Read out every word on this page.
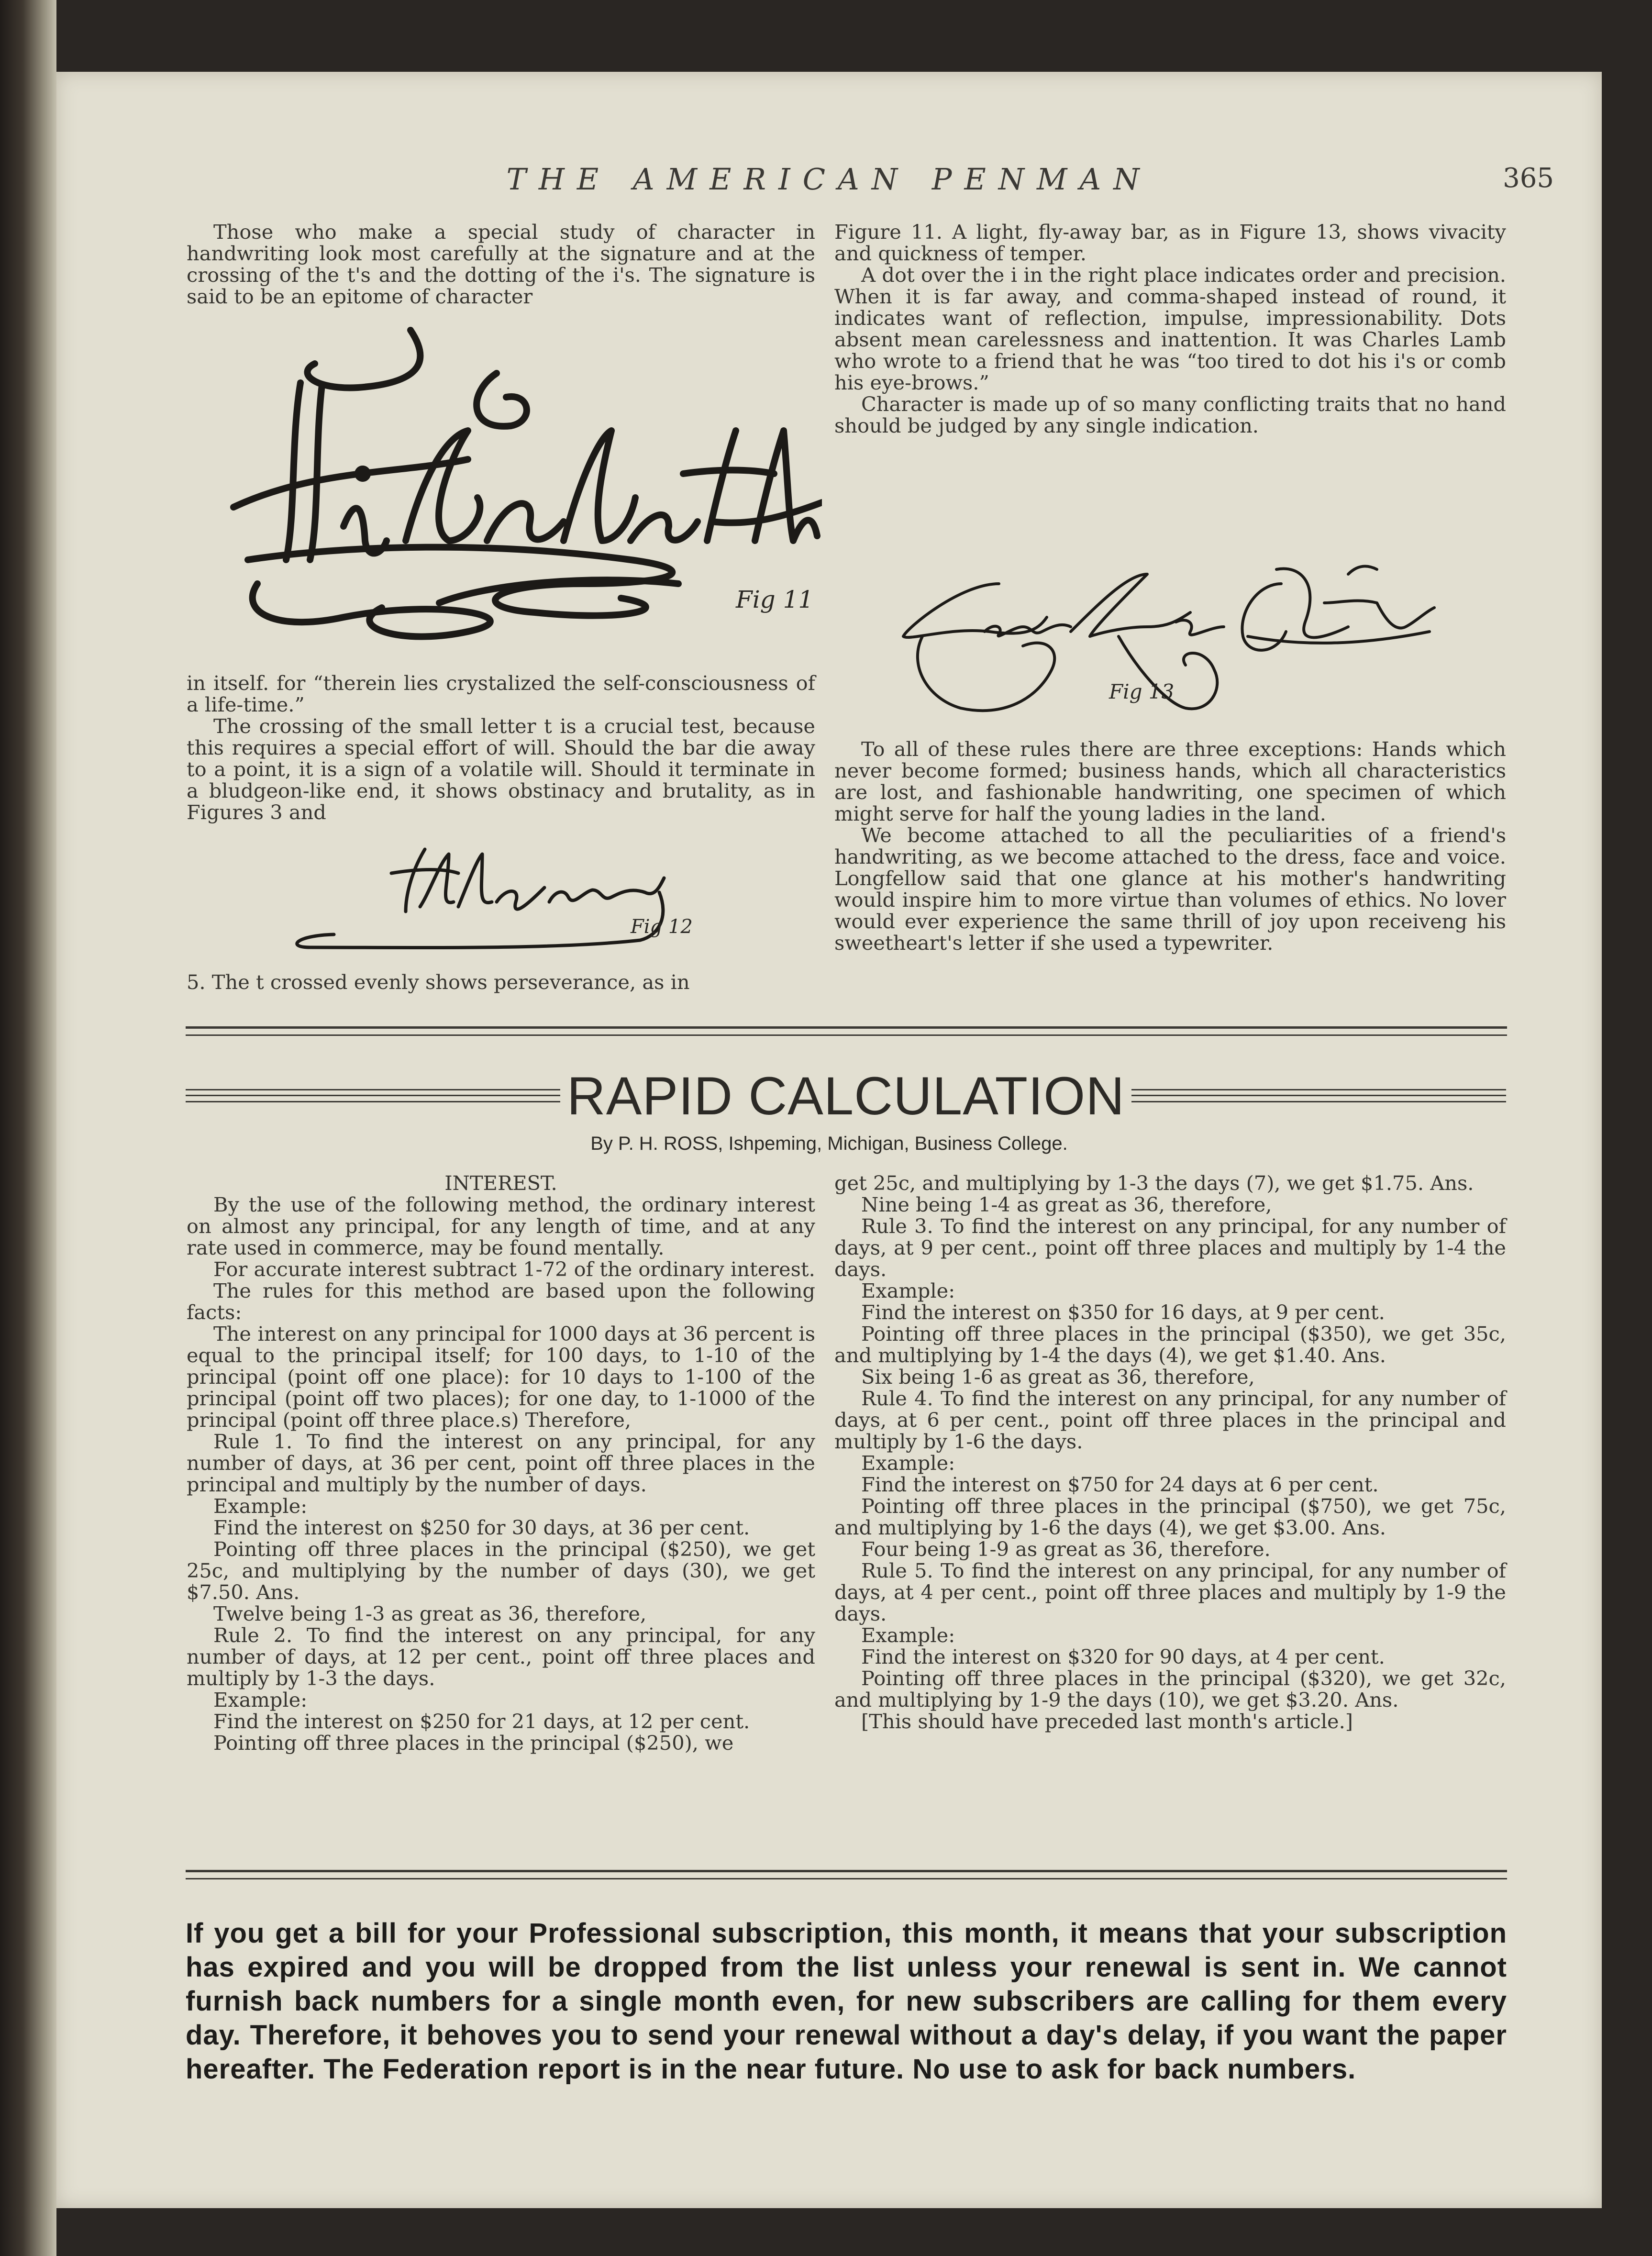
THE AMERICAN PENMAN	365

Those who make a special study of character in handwriting look most carefully at the signature and at the crossing of the t's and the dotting of the i's. The signature is said to be an epitome of character

Fig 11

in itself. for “therein lies crystalized the self-consciousness of a life-time.”

The crossing of the small letter t is a crucial test, because this requires a special effort of will. Should the bar die away to a point, it is a sign of a volatile will. Should it terminate in a bludgeon-like end, it shows obstinacy and brutality, as in Figures 3 and

Fig 12

5. The t crossed evenly shows perseverance, as in

Figure 11. A light, fly-away bar, as in Figure 13, shows vivacity and quickness of temper.

A dot over the i in the right place indicates order and precision. When it is far away, and comma-shaped instead of round, it indicates want of reflection, impulse, impressionability. Dots absent mean carelessness and inattention. It was Charles Lamb who wrote to a friend that he was “too tired to dot his i's or comb his eye-brows.”

Character is made up of so many conflicting traits that no hand should be judged by any single indication.

Fig 13

To all of these rules there are three exceptions: Hands which never become formed; business hands, which all characteristics are lost, and fashionable handwriting, one specimen of which might serve for half the young ladies in the land.

We become attached to all the peculiarities of a friend's handwriting, as we become attached to the dress, face and voice. Longfellow said that one glance at his mother's handwriting would inspire him to more virtue than volumes of ethics. No lover would ever experience the same thrill of joy upon receiveng his sweetheart's letter if she used a typewriter.

RAPID CALCULATION
By P. H. ROSS, Ishpeming, Michigan, Business College.

INTEREST.

By the use of the following method, the ordinary interest on almost any principal, for any length of time, and at any rate used in commerce, may be found mentally.

For accurate interest subtract 1-72 of the ordinary interest.

The rules for this method are based upon the following facts:

The interest on any principal for 1000 days at 36 percent is equal to the principal itself; for 100 days, to 1-10 of the principal (point off one place): for 10 days to 1-100 of the principal (point off two places); for one day, to 1-1000 of the principal (point off three place.s) Therefore,

Rule 1. To find the interest on any principal, for any number of days, at 36 per cent, point off three places in the principal and multiply by the number of days.

Example:

Find the interest on $250 for 30 days, at 36 per cent.

Pointing off three places in the principal ($250), we get 25c, and multiplying by the number of days (30), we get $7.50. Ans.

Twelve being 1-3 as great as 36, therefore,

Rule 2. To find the interest on any principal, for any number of days, at 12 per cent., point off three places and multiply by 1-3 the days.

Example:

Find the interest on $250 for 21 days, at 12 per cent.

Pointing off three places in the principal ($250), we

get 25c, and multiplying by 1-3 the days (7), we get $1.75. Ans.

Nine being 1-4 as great as 36, therefore,

Rule 3. To find the interest on any principal, for any number of days, at 9 per cent., point off three places and multiply by 1-4 the days.

Example:

Find the interest on $350 for 16 days, at 9 per cent.

Pointing off three places in the principal ($350), we get 35c, and multiplying by 1-4 the days (4), we get $1.40. Ans.

Six being 1-6 as great as 36, therefore,

Rule 4. To find the interest on any principal, for any number of days, at 6 per cent., point off three places in the principal and multiply by 1-6 the days.

Example:

Find the interest on $750 for 24 days at 6 per cent.

Pointing off three places in the principal ($750), we get 75c, and multiplying by 1-6 the days (4), we get $3.00. Ans.

Four being 1-9 as great as 36, therefore.

Rule 5. To find the interest on any principal, for any number of days, at 4 per cent., point off three places and multiply by 1-9 the days.

Example:

Find the interest on $320 for 90 days, at 4 per cent.

Pointing off three places in the principal ($320), we get 32c, and multiplying by 1-9 the days (10), we get $3.20. Ans.

[This should have preceded last month's article.]

If you get a bill for your Professional subscription, this month, it means that your subscription has expired and you will be dropped from the list unless your renewal is sent in. We cannot furnish back numbers for a single month even, for new subscribers are calling for them every day. Therefore, it behoves you to send your renewal without a day's delay, if you want the paper hereafter. The Federation report is in the near future. No use to ask for back numbers.
